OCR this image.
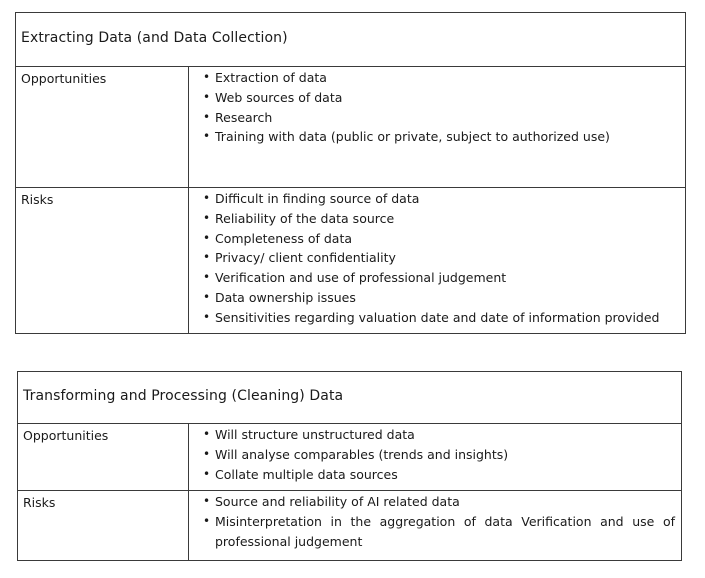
Extracting Data (and Data Collection)
Opportunities	• Extraction of data
• Web sources of data
• Research
• Training with data (public or private, subject to authorized use)
Risks	• Difficult in finding source of data
• Reliability of the data source
• Completeness of data
• Privacy/ client confidentiality
• Verification and use of professional judgement
• Data ownership issues
• Sensitivities regarding valuation date and date of information provided
Transforming and Processing (Cleaning) Data
Opportunities	• Will structure unstructured data
• Will analyse comparables (trends and insights)
• Collate multiple data sources
Risks	• Source and reliability of AI related data
• Misinterpretation in the aggregation of data Verification and use of professional judgement
